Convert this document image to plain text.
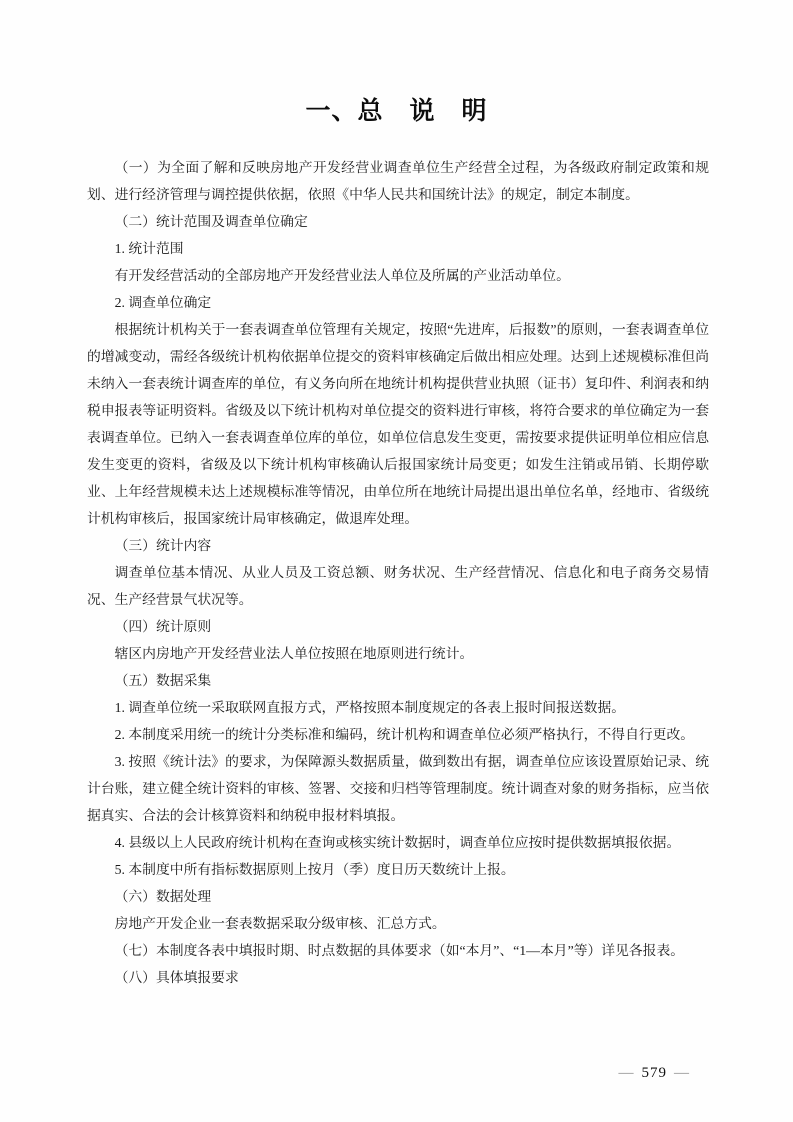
一、总　说　明

（一）为全面了解和反映房地产开发经营业调查单位生产经营全过程，为各级政府制定政策和规划、进行经济管理与调控提供依据，依照《中华人民共和国统计法》的规定，制定本制度。

（二）统计范围及调查单位确定

1. 统计范围

有开发经营活动的全部房地产开发经营业法人单位及所属的产业活动单位。

2. 调查单位确定

根据统计机构关于一套表调查单位管理有关规定，按照“先进库，后报数”的原则，一套表调查单位的增减变动，需经各级统计机构依据单位提交的资料审核确定后做出相应处理。达到上述规模标准但尚未纳入一套表统计调查库的单位，有义务向所在地统计机构提供营业执照（证书）复印件、利润表和纳税申报表等证明资料。省级及以下统计机构对单位提交的资料进行审核，将符合要求的单位确定为一套表调查单位。已纳入一套表调查单位库的单位，如单位信息发生变更，需按要求提供证明单位相应信息发生变更的资料，省级及以下统计机构审核确认后报国家统计局变更；如发生注销或吊销、长期停歇业、上年经营规模未达上述规模标准等情况，由单位所在地统计局提出退出单位名单，经地市、省级统计机构审核后，报国家统计局审核确定，做退库处理。

（三）统计内容

调查单位基本情况、从业人员及工资总额、财务状况、生产经营情况、信息化和电子商务交易情况、生产经营景气状况等。

（四）统计原则

辖区内房地产开发经营业法人单位按照在地原则进行统计。

（五）数据采集

1. 调查单位统一采取联网直报方式，严格按照本制度规定的各表上报时间报送数据。

2. 本制度采用统一的统计分类标准和编码，统计机构和调查单位必须严格执行，不得自行更改。

3. 按照《统计法》的要求，为保障源头数据质量，做到数出有据，调查单位应该设置原始记录、统计台账，建立健全统计资料的审核、签署、交接和归档等管理制度。统计调查对象的财务指标，应当依据真实、合法的会计核算资料和纳税申报材料填报。

4. 县级以上人民政府统计机构在查询或核实统计数据时，调查单位应按时提供数据填报依据。

5. 本制度中所有指标数据原则上按月（季）度日历天数统计上报。

（六）数据处理

房地产开发企业一套表数据采取分级审核、汇总方式。

（七）本制度各表中填报时期、时点数据的具体要求（如“本月”、“1—本月”等）详见各报表。

（八）具体填报要求

— 579 —
